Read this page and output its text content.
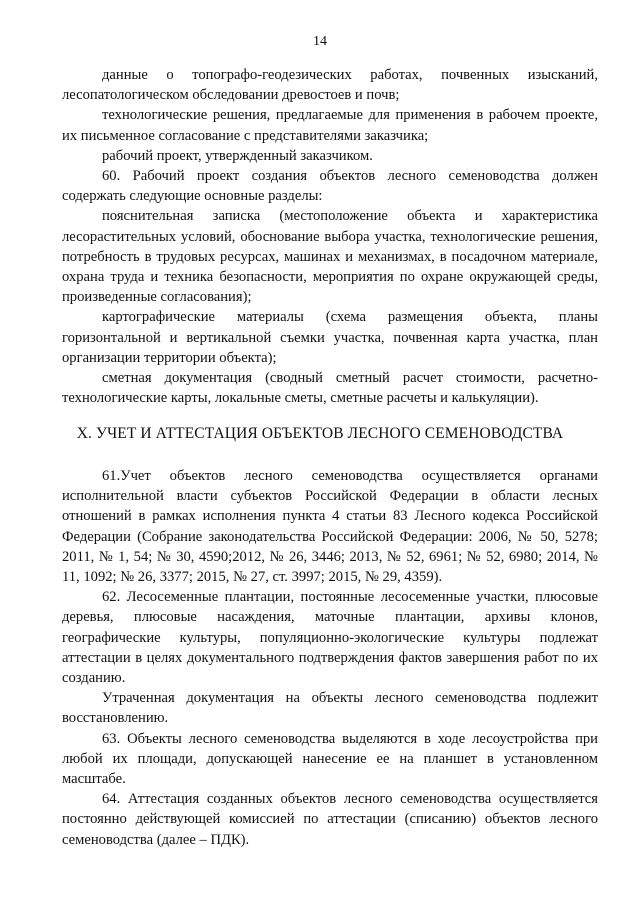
14

данные о топографо-геодезических работах, почвенных изысканий, лесопатологическом обследовании древостоев и почв;

технологические решения, предлагаемые для применения в рабочем проекте, их письменное согласование с представителями заказчика;

рабочий проект, утвержденный заказчиком.

60. Рабочий проект создания объектов лесного семеноводства должен содержать следующие основные разделы:

пояснительная записка (местоположение объекта и характеристика лесорастительных условий, обоснование выбора участка, технологические решения, потребность в трудовых ресурсах, машинах и механизмах, в посадочном материале, охрана труда и техника безопасности, мероприятия по охране окружающей среды, произведенные согласования);

картографические материалы (схема размещения объекта, планы горизонтальной и вертикальной съемки участка, почвенная карта участка, план организации территории объекта);

сметная документация (сводный сметный расчет стоимости, расчетно-технологические карты, локальные сметы, сметные расчеты и калькуляции).

X. УЧЕТ И АТТЕСТАЦИЯ ОБЪЕКТОВ ЛЕСНОГО СЕМЕНОВОДСТВА

61.Учет объектов лесного семеноводства осуществляется органами исполнительной власти субъектов Российской Федерации в области лесных отношений в рамках исполнения пункта 4 статьи 83 Лесного кодекса Российской Федерации (Собрание законодательства Российской Федерации: 2006, № 50, 5278; 2011, № 1, 54; № 30, 4590;2012, № 26, 3446; 2013, № 52, 6961; № 52, 6980; 2014, № 11, 1092; № 26, 3377; 2015, № 27, ст. 3997; 2015, № 29, 4359).

62. Лесосеменные плантации, постоянные лесосеменные участки, плюсовые деревья, плюсовые насаждения, маточные плантации, архивы клонов, географические культуры, популяционно-экологические культуры подлежат аттестации в целях документального подтверждения фактов завершения работ по их созданию.

Утраченная документация на объекты лесного семеноводства подлежит восстановлению.

63. Объекты лесного семеноводства выделяются в ходе лесоустройства при любой их площади, допускающей нанесение ее на планшет в установленном масштабе.

64. Аттестация созданных объектов лесного семеноводства осуществляется постоянно действующей комиссией по аттестации (списанию) объектов лесного семеноводства (далее – ПДК).
